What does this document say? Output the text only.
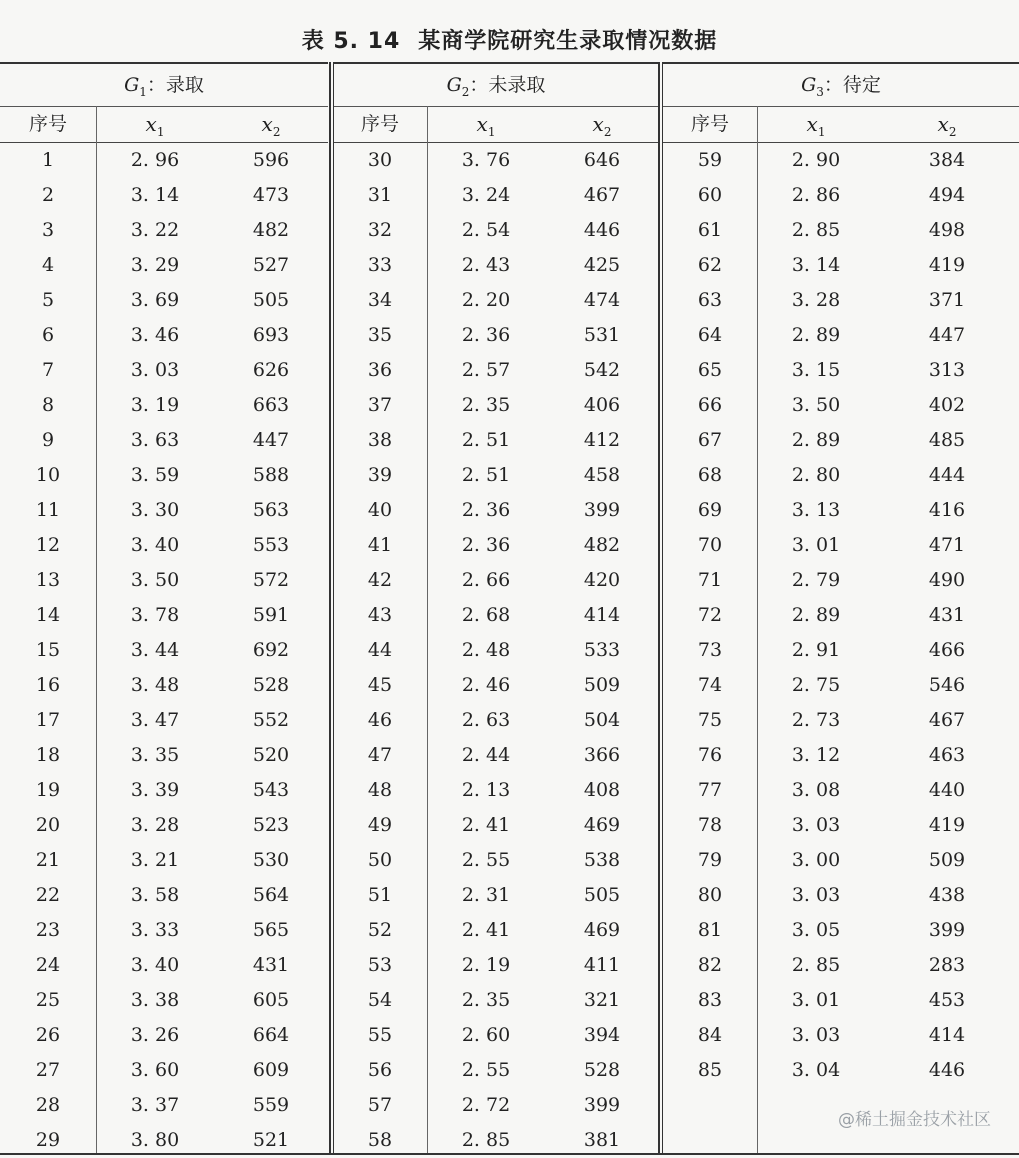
表 5. 14 某商学院研究生录取情况数据
$G_1$：录取
序号	$x_1$	$x_2$
1	2. 96	596
2	3. 14	473
3	3. 22	482
4	3. 29	527
5	3. 69	505
6	3. 46	693
7	3. 03	626
8	3. 19	663
9	3. 63	447
10	3. 59	588
11	3. 30	563
12	3. 40	553
13	3. 50	572
14	3. 78	591
15	3. 44	692
16	3. 48	528
17	3. 47	552
18	3. 35	520
19	3. 39	543
20	3. 28	523
21	3. 21	530
22	3. 58	564
23	3. 33	565
24	3. 40	431
25	3. 38	605
26	3. 26	664
27	3. 60	609
28	3. 37	559
29	3. 80	521
$G_2$：未录取
序号	$x_1$	$x_2$
30	3. 76	646
31	3. 24	467
32	2. 54	446
33	2. 43	425
34	2. 20	474
35	2. 36	531
36	2. 57	542
37	2. 35	406
38	2. 51	412
39	2. 51	458
40	2. 36	399
41	2. 36	482
42	2. 66	420
43	2. 68	414
44	2. 48	533
45	2. 46	509
46	2. 63	504
47	2. 44	366
48	2. 13	408
49	2. 41	469
50	2. 55	538
51	2. 31	505
52	2. 41	469
53	2. 19	411
54	2. 35	321
55	2. 60	394
56	2. 55	528
57	2. 72	399
58	2. 85	381
$G_3$：待定
序号	$x_1$	$x_2$
59	2. 90	384
60	2. 86	494
61	2. 85	498
62	3. 14	419
63	3. 28	371
64	2. 89	447
65	3. 15	313
66	3. 50	402
67	2. 89	485
68	2. 80	444
69	3. 13	416
70	3. 01	471
71	2. 79	490
72	2. 89	431
73	2. 91	466
74	2. 75	546
75	2. 73	467
76	3. 12	463
77	3. 08	440
78	3. 03	419
79	3. 00	509
80	3. 03	438
81	3. 05	399
82	2. 85	283
83	3. 01	453
84	3. 03	414
85	3. 04	446
@稀土掘金技术社区
